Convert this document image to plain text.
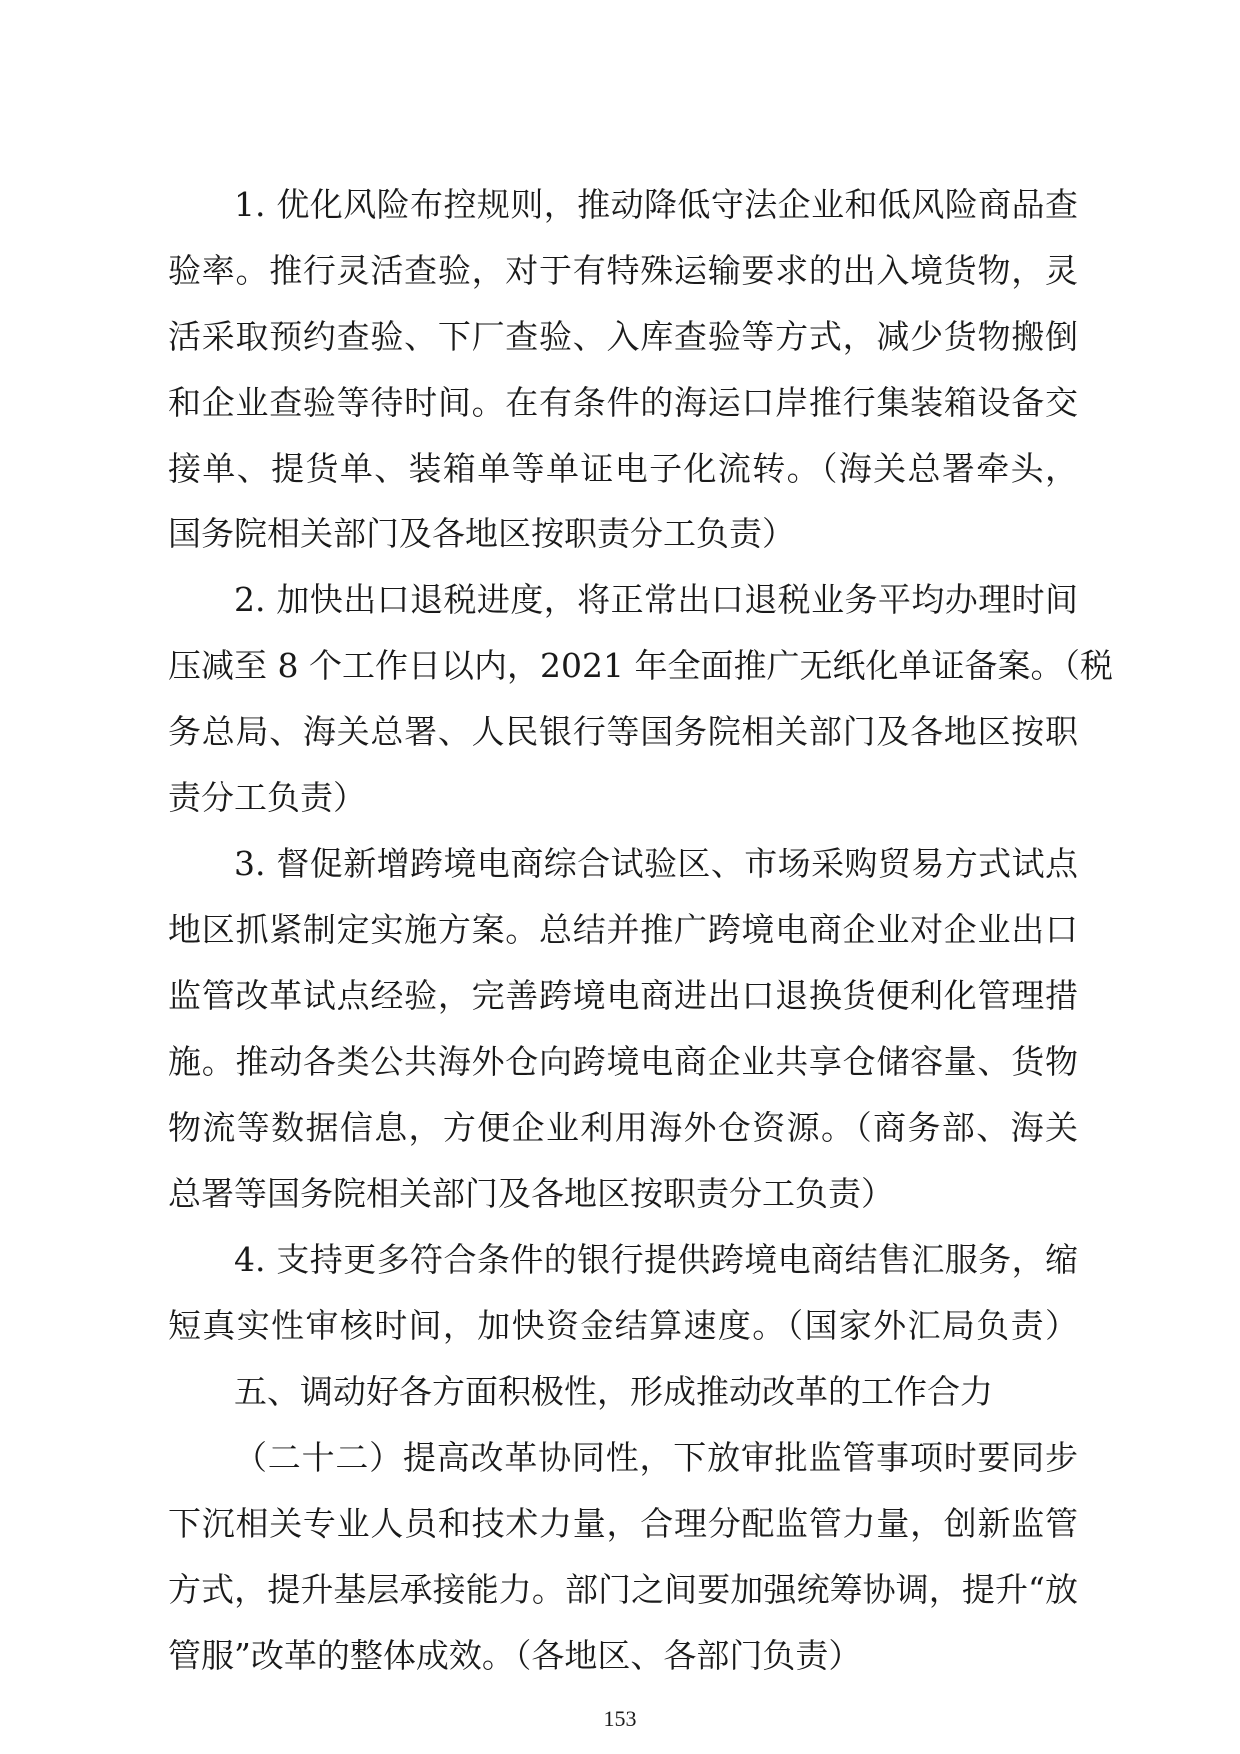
1. 优化风险布控规则，推动降低守法企业和低风险商品查
验率。推行灵活查验，对于有特殊运输要求的出入境货物，灵
活采取预约查验、下厂查验、入库查验等方式，减少货物搬倒
和企业查验等待时间。在有条件的海运口岸推行集装箱设备交
接单、提货单、装箱单等单证电子化流转。（海关总署牵头，
国务院相关部门及各地区按职责分工负责）
2. 加快出口退税进度，将正常出口退税业务平均办理时间
压减至 8 个工作日以内，2021 年全面推广无纸化单证备案。（税
务总局、海关总署、人民银行等国务院相关部门及各地区按职
责分工负责）
3. 督促新增跨境电商综合试验区、市场采购贸易方式试点
地区抓紧制定实施方案。总结并推广跨境电商企业对企业出口
监管改革试点经验，完善跨境电商进出口退换货便利化管理措
施。推动各类公共海外仓向跨境电商企业共享仓储容量、货物
物流等数据信息，方便企业利用海外仓资源。（商务部、海关
总署等国务院相关部门及各地区按职责分工负责）
4. 支持更多符合条件的银行提供跨境电商结售汇服务，缩
短真实性审核时间，加快资金结算速度。（国家外汇局负责）
五、调动好各方面积极性，形成推动改革的工作合力
（二十二）提高改革协同性，下放审批监管事项时要同步
下沉相关专业人员和技术力量，合理分配监管力量，创新监管
方式，提升基层承接能力。部门之间要加强统筹协调，提升“放
管服”改革的整体成效。（各地区、各部门负责）
153
